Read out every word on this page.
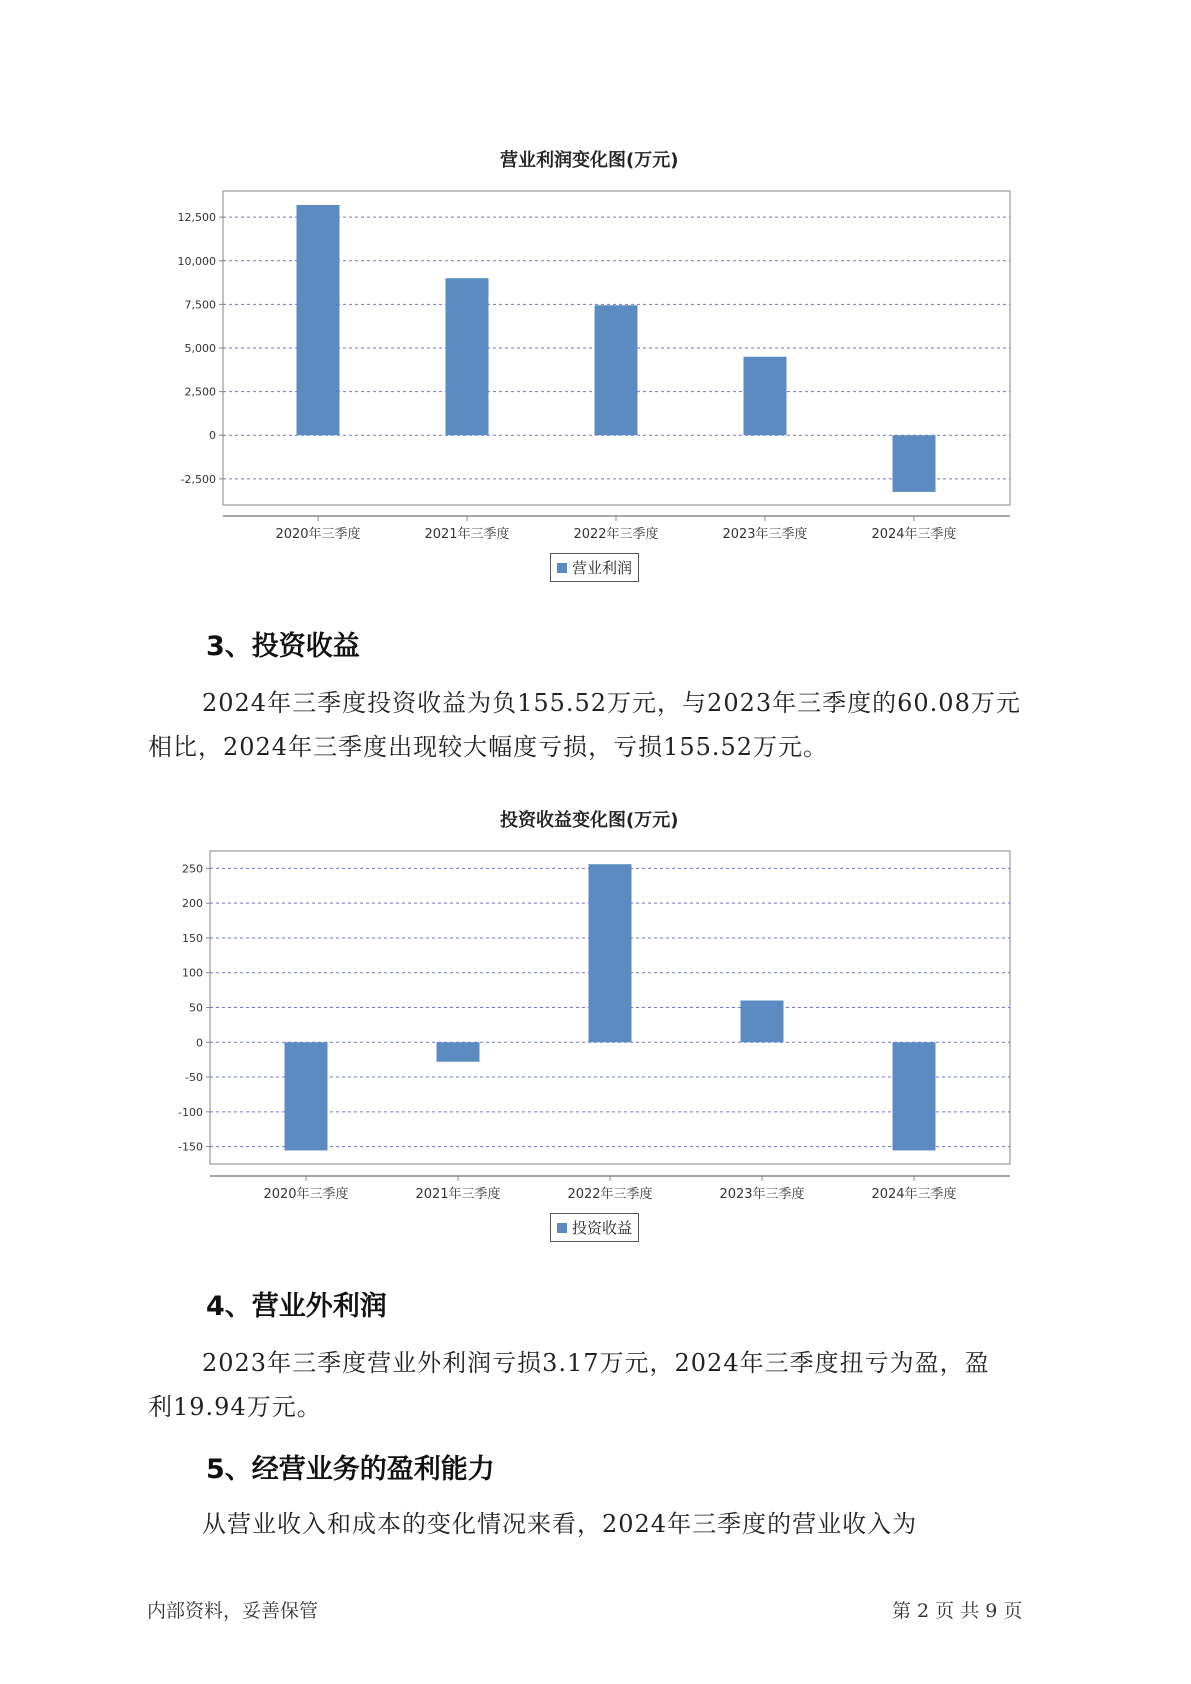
营业利润变化图(万元)
-2,500
0
2,500
5,000
7,500
10,000
12,500
2020年三季度	2021年三季度	2022年三季度	2023年三季度	2024年三季度
营业利润
3、投资收益

2024年三季度投资收益为负155.52万元，与2023年三季度的60.08万元
相比，2024年三季度出现较大幅度亏损，亏损155.52万元。

投资收益变化图(万元)
-150
-100
-50
0
50
100
150
200
250
2020年三季度	2021年三季度	2022年三季度	2023年三季度	2024年三季度
投资收益
4、营业外利润

2023年三季度营业外利润亏损3.17万元，2024年三季度扭亏为盈，盈
利19.94万元。

5、经营业务的盈利能力

从营业收入和成本的变化情况来看，2024年三季度的营业收入为

内部资料，妥善保管	第 2 页 共 9 页
